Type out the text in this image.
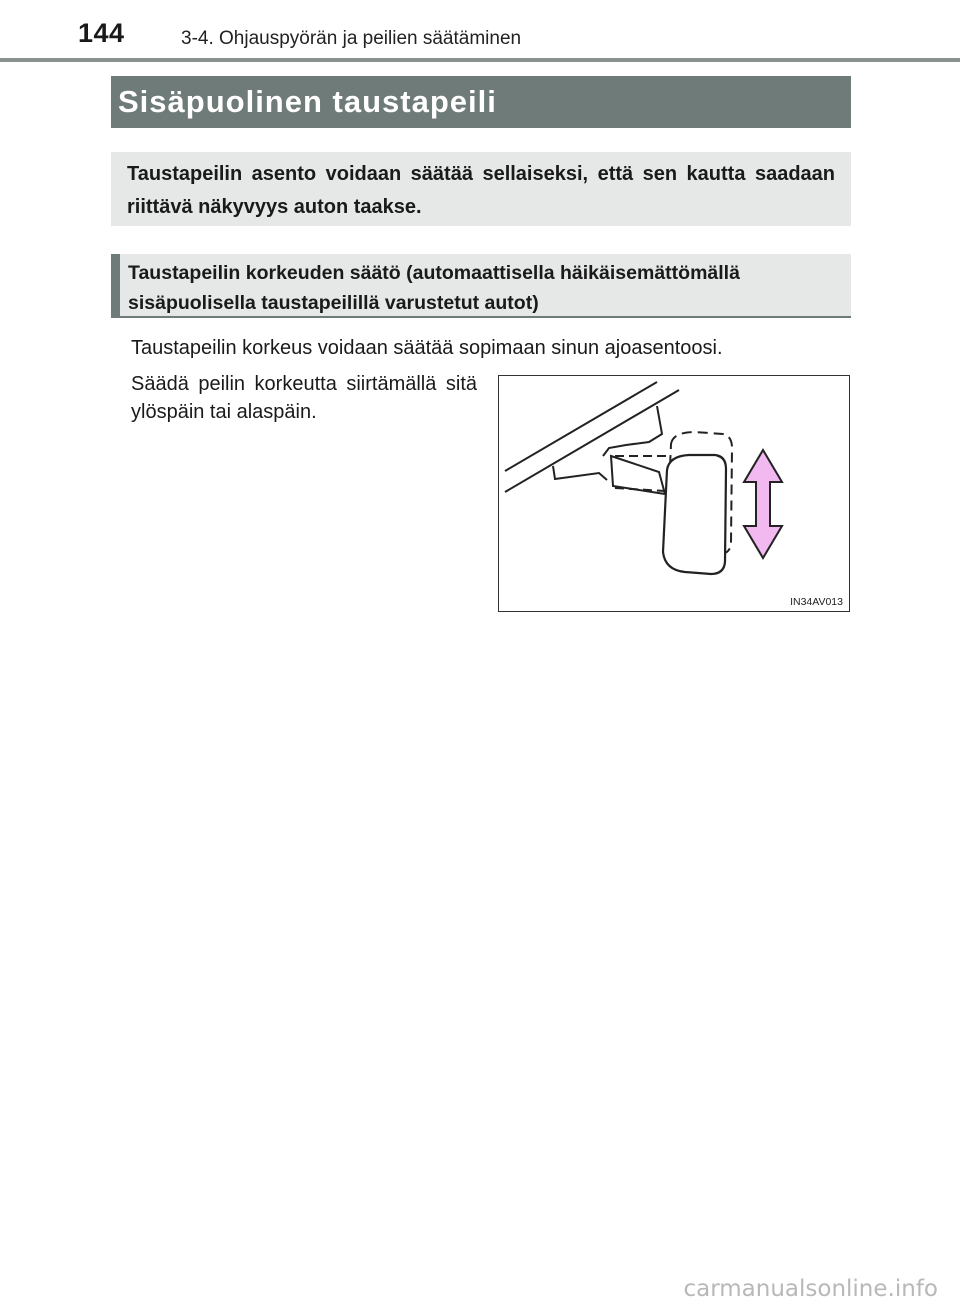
144	3-4. Ohjauspyörän ja peilien säätäminen
Sisäpuolinen taustapeili
Taustapeilin asento voidaan säätää sellaiseksi, että sen kautta saadaan riittävä näkyvyys auton taakse.
Taustapeilin korkeuden säätö (automaattisella häikäisemättömällä sisäpuolisella taustapeilillä varustetut autot)
Taustapeilin korkeus voidaan säätää sopimaan sinun ajoasentoosi.
Säädä peilin korkeutta siirtämällä sitä ylöspäin tai alaspäin.
IN34AV013
carmanualsonline.info
